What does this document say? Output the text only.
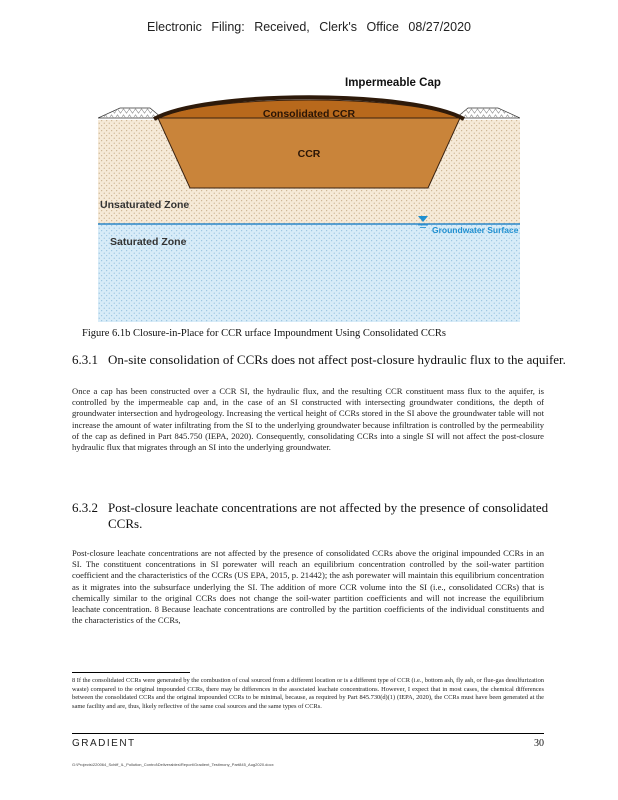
Electronic Filing: Received, Clerk's Office 08/27/2020
Impermeable Cap
Consolidated CCR
CCR
Unsaturated Zone
Groundwater Surface
Saturated Zone
Figure 6.1b Closure-in-Place for CCR urface Impoundment Using Consolidated CCRs
6.3.1 On-site consolidation of CCRs does not affect post-closure hydraulic flux to the aquifer.
Once a cap has been constructed over a CCR SI, the hydraulic flux, and the resulting CCR constituent mass flux to the aquifer, is controlled by the impermeable cap and, in the case of an SI constructed with intersecting groundwater conditions, the depth of groundwater intersection and hydrogeology. Increasing the vertical height of CCRs stored in the SI above the groundwater table will not increase the amount of water infiltrating from the SI to the underlying groundwater because infiltration is controlled by the permeability of the cap as defined in Part 845.750 (IEPA, 2020). Consequently, consolidating CCRs into a single SI will not affect the post-closure hydraulic flux that migrates through an SI into the underlying groundwater.
6.3.2 Post-closure leachate concentrations are not affected by the presence of consolidated CCRs.
Post-closure leachate concentrations are not affected by the presence of consolidated CCRs above the original impounded CCRs in an SI. The constituent concentrations in SI porewater will reach an equilibrium concentration controlled by the soil-water partition coefficient and the characteristics of the CCRs (US EPA, 2015, p. 21442); the ash porewater will maintain this equilibrium concentration as it migrates into the subsurface underlying the SI. The addition of more CCR volume into the SI (i.e., consolidated CCRs) that is chemically similar to the original CCRs does not change the soil-water partition coefficients and will not increase the equilibrium leachate concentration. 8 Because leachate concentrations are controlled by the partition coefficients of the individual constituents and the characteristics of the CCRs,
8 If the consolidated CCRs were generated by the combustion of coal sourced from a different location or is a different type of CCR (i.e., bottom ash, fly ash, or flue-gas desulfurization waste) compared to the original impounded CCRs, there may be differences in the associated leachate concentrations. However, I expect that in most cases, the chemical differences between the consolidated CCRs and the original impounded CCRs to be minimal, because, as required by Part 845.730(d)(1) (IEPA, 2020), the CCRs must have been generated at the same facility and are, thus, likely reflective of the same coal sources and the same types of CCRs.
GRADIENT	30
G:\Projects\220064_Schiff_IL_Pollution_Control\Deliverables\Report\Gradient_Testimony_Part845_Aug2020.docx
